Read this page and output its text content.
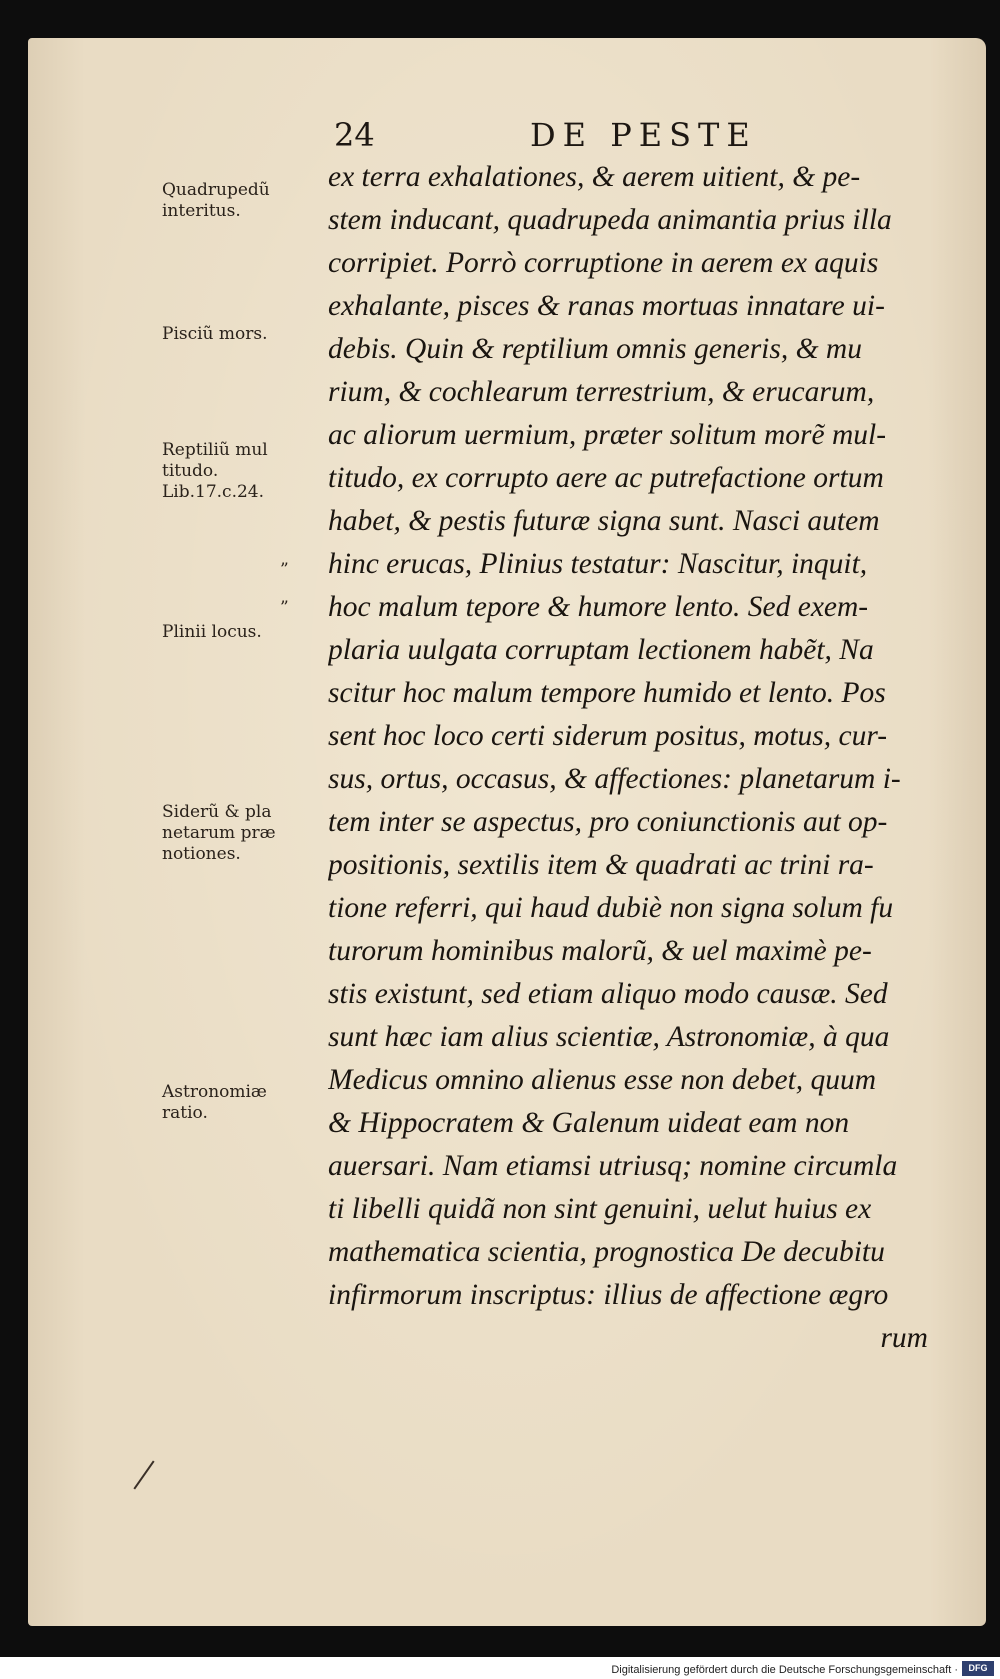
24	DE PESTE
Quadrupedũ
interitus.
Pisciũ mors.
Reptiliũ mul
titudo.
Lib.17.c.24.
”
”
Plinii locus.
Siderũ & pla
netarum præ
notiones.
Astronomiæ
ratio.
ex terra exhalationes, & aerem uitient, & pe-
stem inducant, quadrupeda animantia prius illa
corripiet. Porrò corruptione in aerem ex aquis
exhalante, pisces & ranas mortuas innatare ui-
debis. Quin & reptilium omnis generis, & mu
rium, & cochlearum terrestrium, & erucarum,
ac aliorum uermium, præter solitum morẽ mul-
titudo, ex corrupto aere ac putrefactione ortum
habet, & pestis futuræ signa sunt. Nasci autem
hinc erucas, Plinius testatur: Nascitur, inquit,
hoc malum tepore & humore lento. Sed exem-
plaria uulgata corruptam lectionem habẽt, Na
scitur hoc malum tempore humido et lento. Pos
sent hoc loco certi siderum positus, motus, cur-
sus, ortus, occasus, & affectiones: planetarum i-
tem inter se aspectus, pro coniunctionis aut op-
positionis, sextilis item & quadrati ac trini ra-
tione referri, qui haud dubiè non signa solum fu
turorum hominibus malorũ, & uel maximè pe-
stis existunt, sed etiam aliquo modo causæ. Sed
sunt hæc iam alius scientiæ, Astronomiæ, à qua
Medicus omnino alienus esse non debet, quum
& Hippocratem & Galenum uideat eam non
auersari. Nam etiamsi utriusq; nomine circumla
ti libelli quidã non sint genuini, uelut huius ex
mathematica scientia, prognostica De decubitu
infirmorum inscriptus: illius de affectione ægro
rum
Digitalisierung gefördert durch die Deutsche Forschungsgemeinschaft ·	DFG
